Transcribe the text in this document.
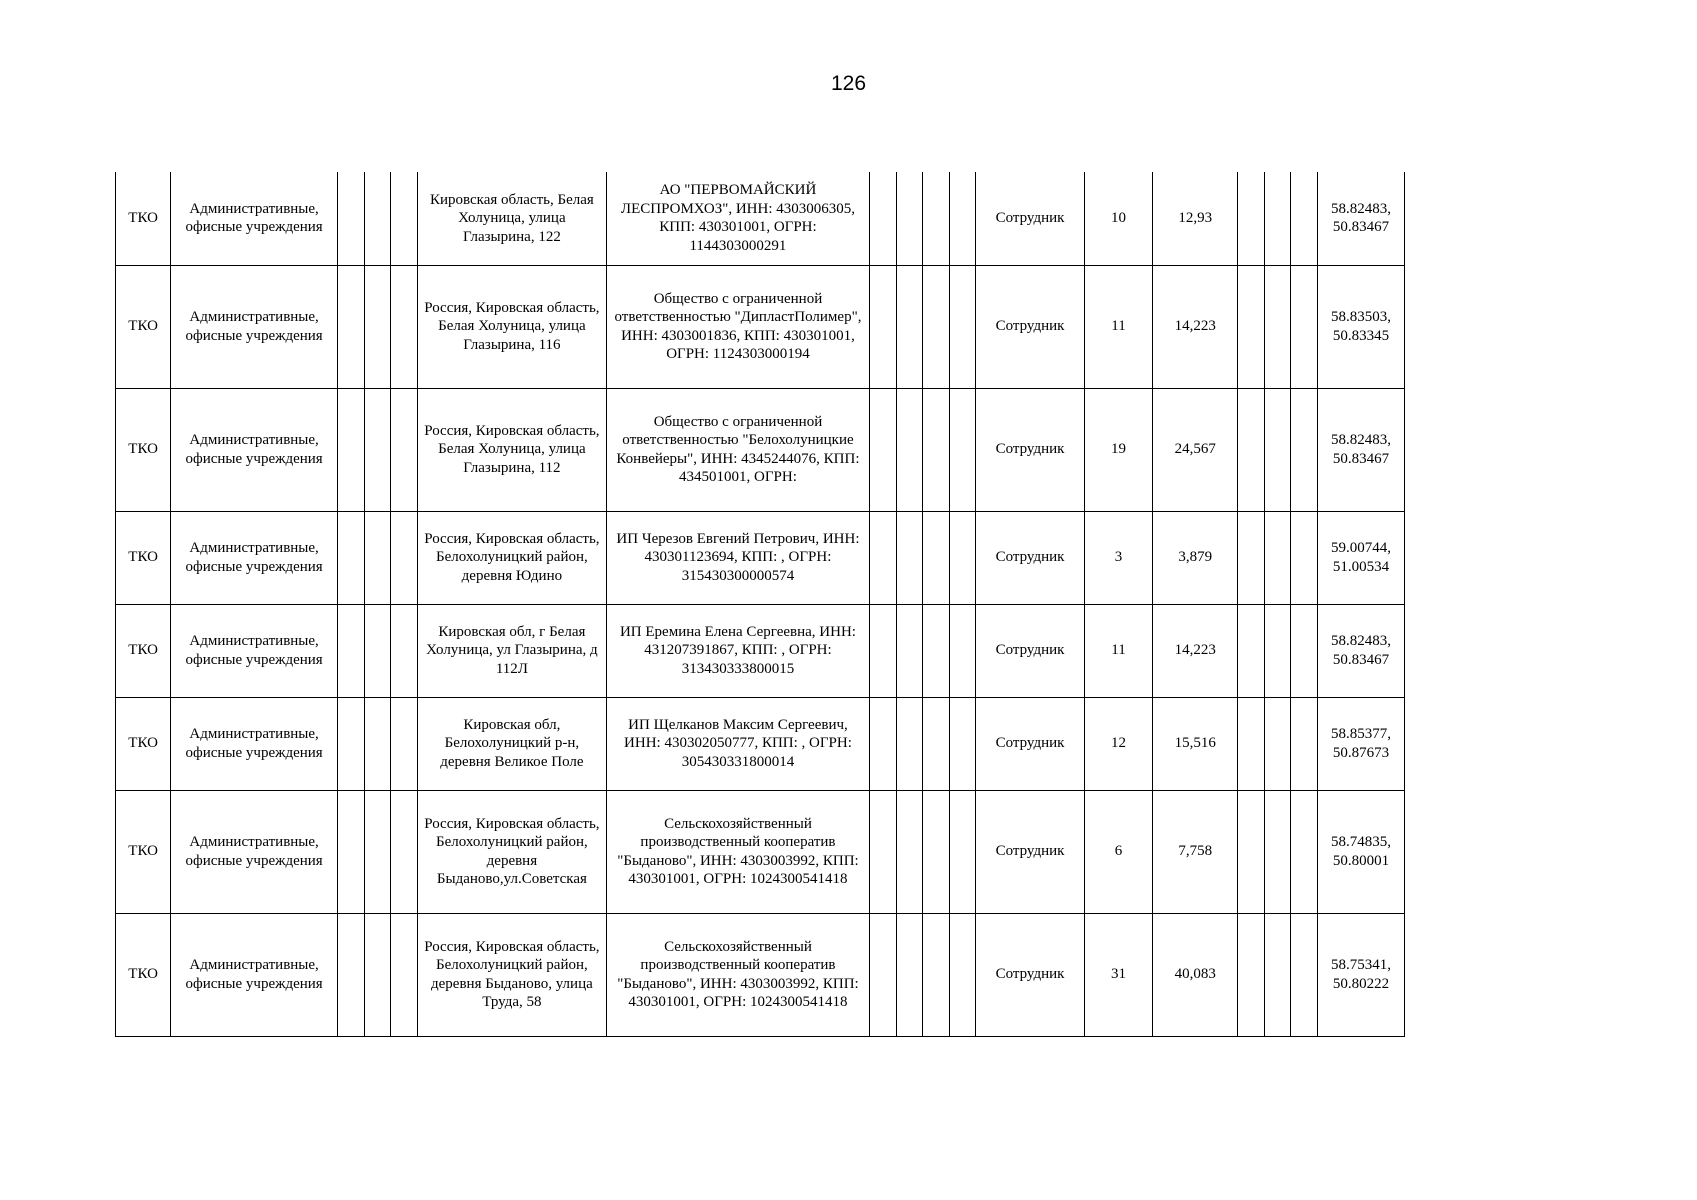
126
ТКО	Административные, офисные учреждения				Кировская область, Белая Холуница, улица Глазырина, 122	АО "ПЕРВОМАЙСКИЙ ЛЕСПРОМХОЗ", ИНН: 4303006305, КПП: 430301001, ОГРН: 1144303000291					Сотрудник	10	12,93				58.82483, 50.83467
ТКО	Административные, офисные учреждения				Россия, Кировская область, Белая Холуница, улица Глазырина, 116	Общество с ограниченной ответственностью "ДипластПолимер", ИНН: 4303001836, КПП: 430301001, ОГРН: 1124303000194					Сотрудник	11	14,223				58.83503, 50.83345
ТКО	Административные, офисные учреждения				Россия, Кировская область, Белая Холуница, улица Глазырина, 112	Общество с ограниченной ответственностью "Белохолуницкие Конвейеры", ИНН: 4345244076, КПП: 434501001, ОГРН:					Сотрудник	19	24,567				58.82483, 50.83467
ТКО	Административные, офисные учреждения				Россия, Кировская область, Белохолуницкий район, деревня Юдино	ИП Черезов Евгений Петрович, ИНН: 430301123694, КПП: , ОГРН: 315430300000574					Сотрудник	3	3,879				59.00744, 51.00534
ТКО	Административные, офисные учреждения				Кировская обл, г Белая Холуница, ул Глазырина, д 112Л	ИП Еремина Елена Сергеевна, ИНН: 431207391867, КПП: , ОГРН: 313430333800015					Сотрудник	11	14,223				58.82483, 50.83467
ТКО	Административные, офисные учреждения				Кировская обл, Белохолуницкий р-н, деревня Великое Поле	ИП Щелканов Максим Сергеевич, ИНН: 430302050777, КПП: , ОГРН: 305430331800014					Сотрудник	12	15,516				58.85377, 50.87673
ТКО	Административные, офисные учреждения				Россия, Кировская область, Белохолуницкий район, деревня Быданово,ул.Советская	Сельскохозяйственный производственный кооператив "Быданово", ИНН: 4303003992, КПП: 430301001, ОГРН: 1024300541418					Сотрудник	6	7,758				58.74835, 50.80001
ТКО	Административные, офисные учреждения				Россия, Кировская область, Белохолуницкий район, деревня Быданово, улица Труда, 58	Сельскохозяйственный производственный кооператив "Быданово", ИНН: 4303003992, КПП: 430301001, ОГРН: 1024300541418					Сотрудник	31	40,083				58.75341, 50.80222
